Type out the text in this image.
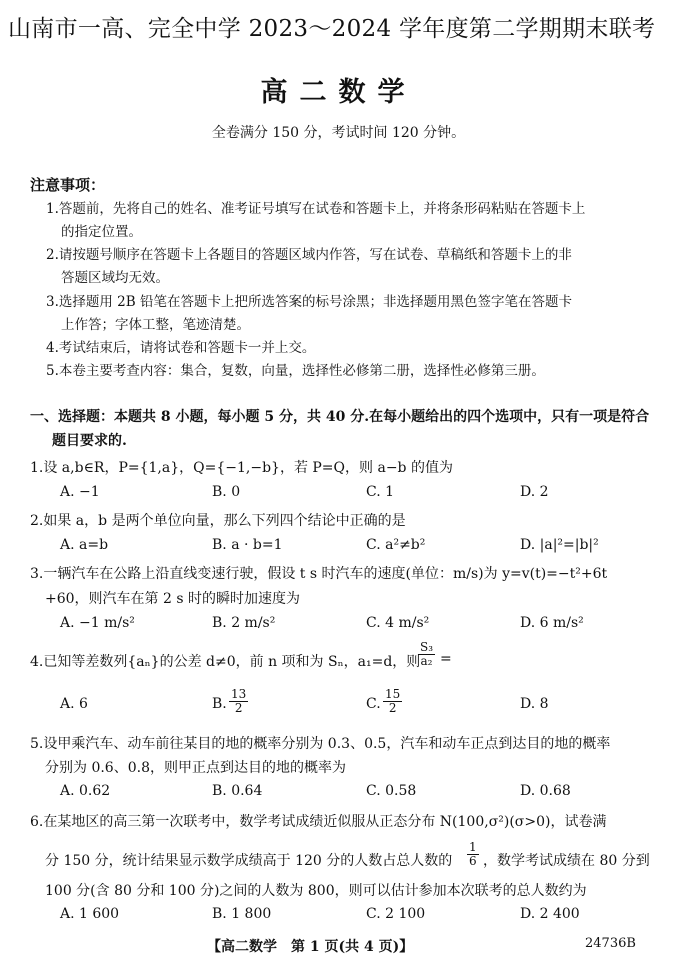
山南市一高、完全中学 2023～2024 学年度第二学期期末联考
高二数学
全卷满分 150 分，考试时间 120 分钟。
注意事项：
1.答题前，先将自己的姓名、准考证号填写在试卷和答题卡上，并将条形码粘贴在答题卡上
的指定位置。
2.请按题号顺序在答题卡上各题目的答题区域内作答，写在试卷、草稿纸和答题卡上的非
答题区域均无效。
3.选择题用 2B 铅笔在答题卡上把所选答案的标号涂黑；非选择题用黑色签字笔在答题卡
上作答；字体工整，笔迹清楚。
4.考试结束后，请将试卷和答题卡一并上交。
5.本卷主要考查内容：集合，复数，向量，选择性必修第二册，选择性必修第三册。
一、选择题：本题共 8 小题，每小题 5 分，共 40 分.在每小题给出的四个选项中，只有一项是符合
题目要求的.
1.设 a,b∈R，P={1,a}，Q={−1,−b}，若 P=Q，则 a−b 的值为
A. −1	B. 0	C. 1	D. 2
2.如果 a，b 是两个单位向量，那么下列四个结论中正确的是
A. a=b	B. a · b=1	C. a²≠b²	D. |a|²=|b|²
3.一辆汽车在公路上沿直线变速行驶，假设 t s 时汽车的速度(单位：m/s)为 y=v(t)=−t²+6t
+60，则汽车在第 2 s 时的瞬时加速度为
A. −1 m/s²	B. 2 m/s²	C. 4 m/s²	D. 6 m/s²
4.已知等差数列{aₙ}的公差 d≠0，前 n 项和为 Sₙ，a₁=d，则
$\frac{\text{S₃}}{\text{a₂}}$ =
A. 6	B. $\frac{13}{2}$	C. $\frac{15}{2}$	D. 8
5.设甲乘汽车、动车前往某目的地的概率分别为 0.3、0.5，汽车和动车正点到达目的地的概率
分别为 0.6、0.8，则甲正点到达目的地的概率为
A. 0.62	B. 0.64	C. 0.58	D. 0.68
6.在某地区的高三第一次联考中，数学考试成绩近似服从正态分布 N(100,σ²)(σ>0)，试卷满
分 150 分，统计结果显示数学成绩高于 120 分的人数占总人数的 $\frac{1}{6}$ ，数学考试成绩在 80 分到
100 分(含 80 分和 100 分)之间的人数为 800，则可以估计参加本次联考的总人数约为
A. 1 600	B. 1 800	C. 2 100	D. 2 400
【高二数学　第 1 页(共 4 页)】	24736B
